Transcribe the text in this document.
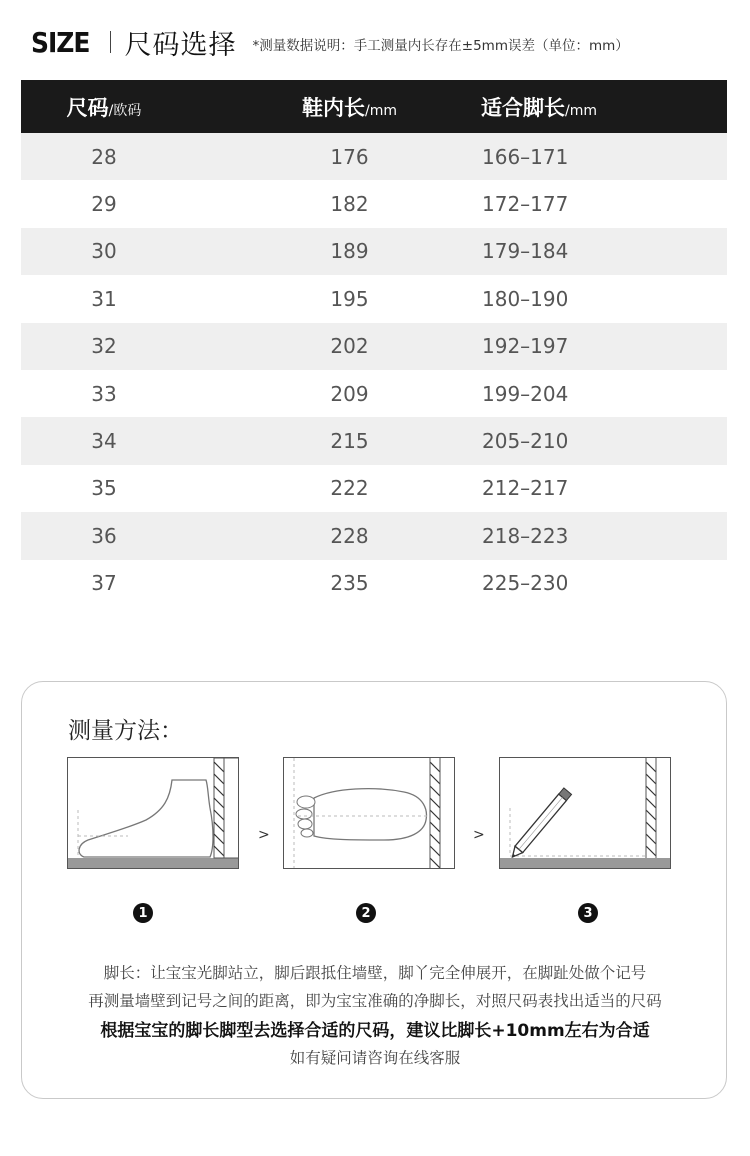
SIZE 尺码选择 *测量数据说明：手工测量内长存在±5mm误差（单位：mm）
尺码 /欧码	鞋内长 /mm	适合脚长 /mm
28	176	166–171
29	182	172–177
30	189	179–184
31	195	180–190
32	202	192–197
33	209	199–204
34	215	205–210
35	222	212–217
36	228	218–223
37	235	225–230
测量方法：
>	>
1	2	3
脚长：让宝宝光脚站立，脚后跟抵住墙壁，脚丫完全伸展开，在脚趾处做个记号
再测量墙壁到记号之间的距离，即为宝宝准确的净脚长，对照尺码表找出适当的尺码
根据宝宝的脚长脚型去选择合适的尺码，建议比脚长+10mm左右为合适
如有疑问请咨询在线客服
